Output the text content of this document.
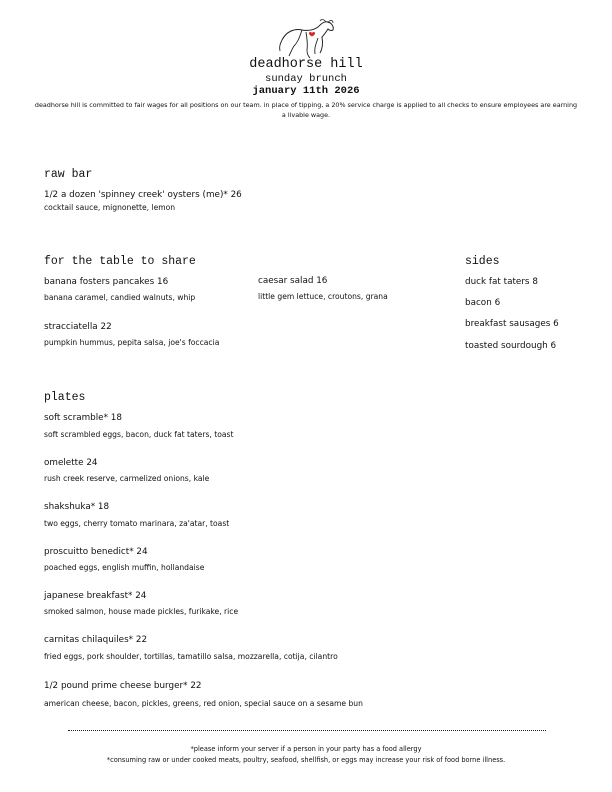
deadhorse hill
sunday brunch
january 11th 2026
deadhorse hill is committed to fair wages for all positions on our team. in place of tipping, a 20% service charge is applied to all checks to ensure employees are earning a livable wage.
raw bar
1/2 a dozen 'spinney creek' oysters (me)* 26
cocktail sauce, mignonette, lemon
for the table to share
banana fosters pancakes 16
banana caramel, candied walnuts, whip
caesar salad 16
little gem lettuce, croutons, grana
stracciatella 22
pumpkin hummus, pepita salsa, joe's foccacia
sides
duck fat taters 8
bacon 6
breakfast sausages 6
toasted sourdough 6
plates
soft scramble* 18
soft scrambled eggs, bacon, duck fat taters, toast
omelette 24
rush creek reserve, carmelized onions, kale
shakshuka* 18
two eggs, cherry tomato marinara, za'atar, toast
proscuitto benedict* 24
poached eggs, english muffin, hollandaise
japanese breakfast* 24
smoked salmon, house made pickles, furikake, rice
carnitas chilaquiles* 22
fried eggs, pork shoulder, tortillas, tamatillo salsa, mozzarella, cotija, cilantro
1/2 pound prime cheese burger* 22
american cheese, bacon, pickles, greens, red onion, special sauce on a sesame bun
*please inform your server if a person in your party has a food allergy
*consuming raw or under cooked meats, poultry, seafood, shellfish, or eggs may increase your risk of food borne illness.
